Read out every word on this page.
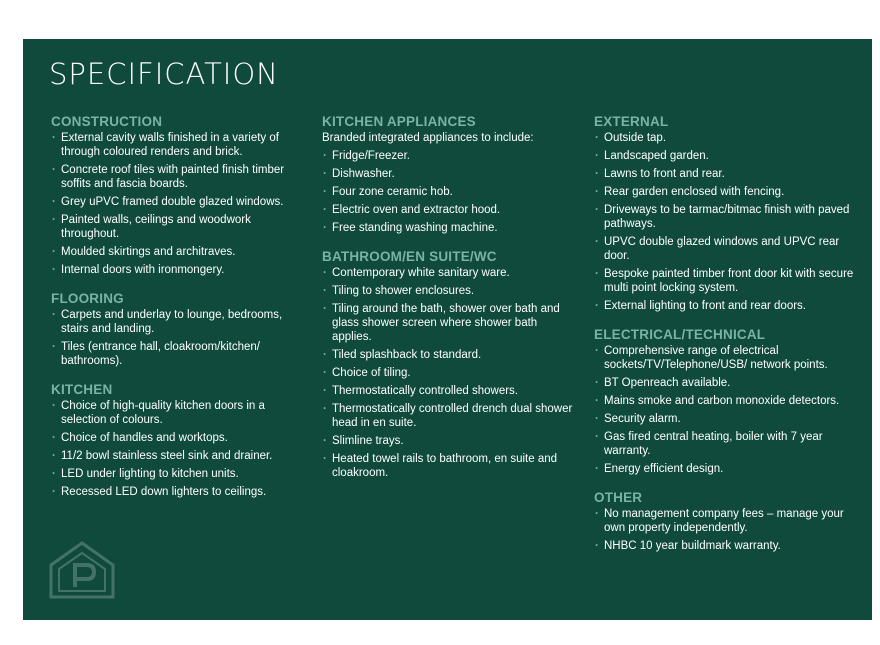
SPECIFICATION
CONSTRUCTION
· External cavity walls finished in a variety of through coloured renders and brick.
· Concrete roof tiles with painted finish timber soffits and fascia boards.
· Grey uPVC framed double glazed windows.
· Painted walls, ceilings and woodwork throughout.
· Moulded skirtings and architraves.
· Internal doors with ironmongery.
FLOORING
· Carpets and underlay to lounge, bedrooms, stairs and landing.
· Tiles (entrance hall, cloakroom/kitchen/ bathrooms).
KITCHEN
· Choice of high-quality kitchen doors in a selection of colours.
· Choice of handles and worktops.
· 11/2 bowl stainless steel sink and drainer.
· LED under lighting to kitchen units.
· Recessed LED down lighters to ceilings.
KITCHEN APPLIANCES

Branded integrated appliances to include:

· Fridge/Freezer.
· Dishwasher.
· Four zone ceramic hob.
· Electric oven and extractor hood.
· Free standing washing machine.
BATHROOM/EN SUITE/WC
· Contemporary white sanitary ware.
· Tiling to shower enclosures.
· Tiling around the bath, shower over bath and glass shower screen where shower bath applies.
· Tiled splashback to standard.
· Choice of tiling.
· Thermostatically controlled showers.
· Thermostatically controlled drench dual shower head in en suite.
· Slimline trays.
· Heated towel rails to bathroom, en suite and cloakroom.
EXTERNAL
· Outside tap.
· Landscaped garden.
· Lawns to front and rear.
· Rear garden enclosed with fencing.
· Driveways to be tarmac/bitmac finish with paved pathways.
· UPVC double glazed windows and UPVC rear door.
· Bespoke painted timber front door kit with secure multi point locking system.
· External lighting to front and rear doors.
ELECTRICAL/TECHNICAL
· Comprehensive range of electrical sockets/TV/Telephone/USB/ network points.
· BT Openreach available.
· Mains smoke and carbon monoxide detectors.
· Security alarm.
· Gas fired central heating, boiler with 7 year warranty.
· Energy efficient design.
OTHER
· No management company fees – manage your own property independently.
· NHBC 10 year buildmark warranty.
